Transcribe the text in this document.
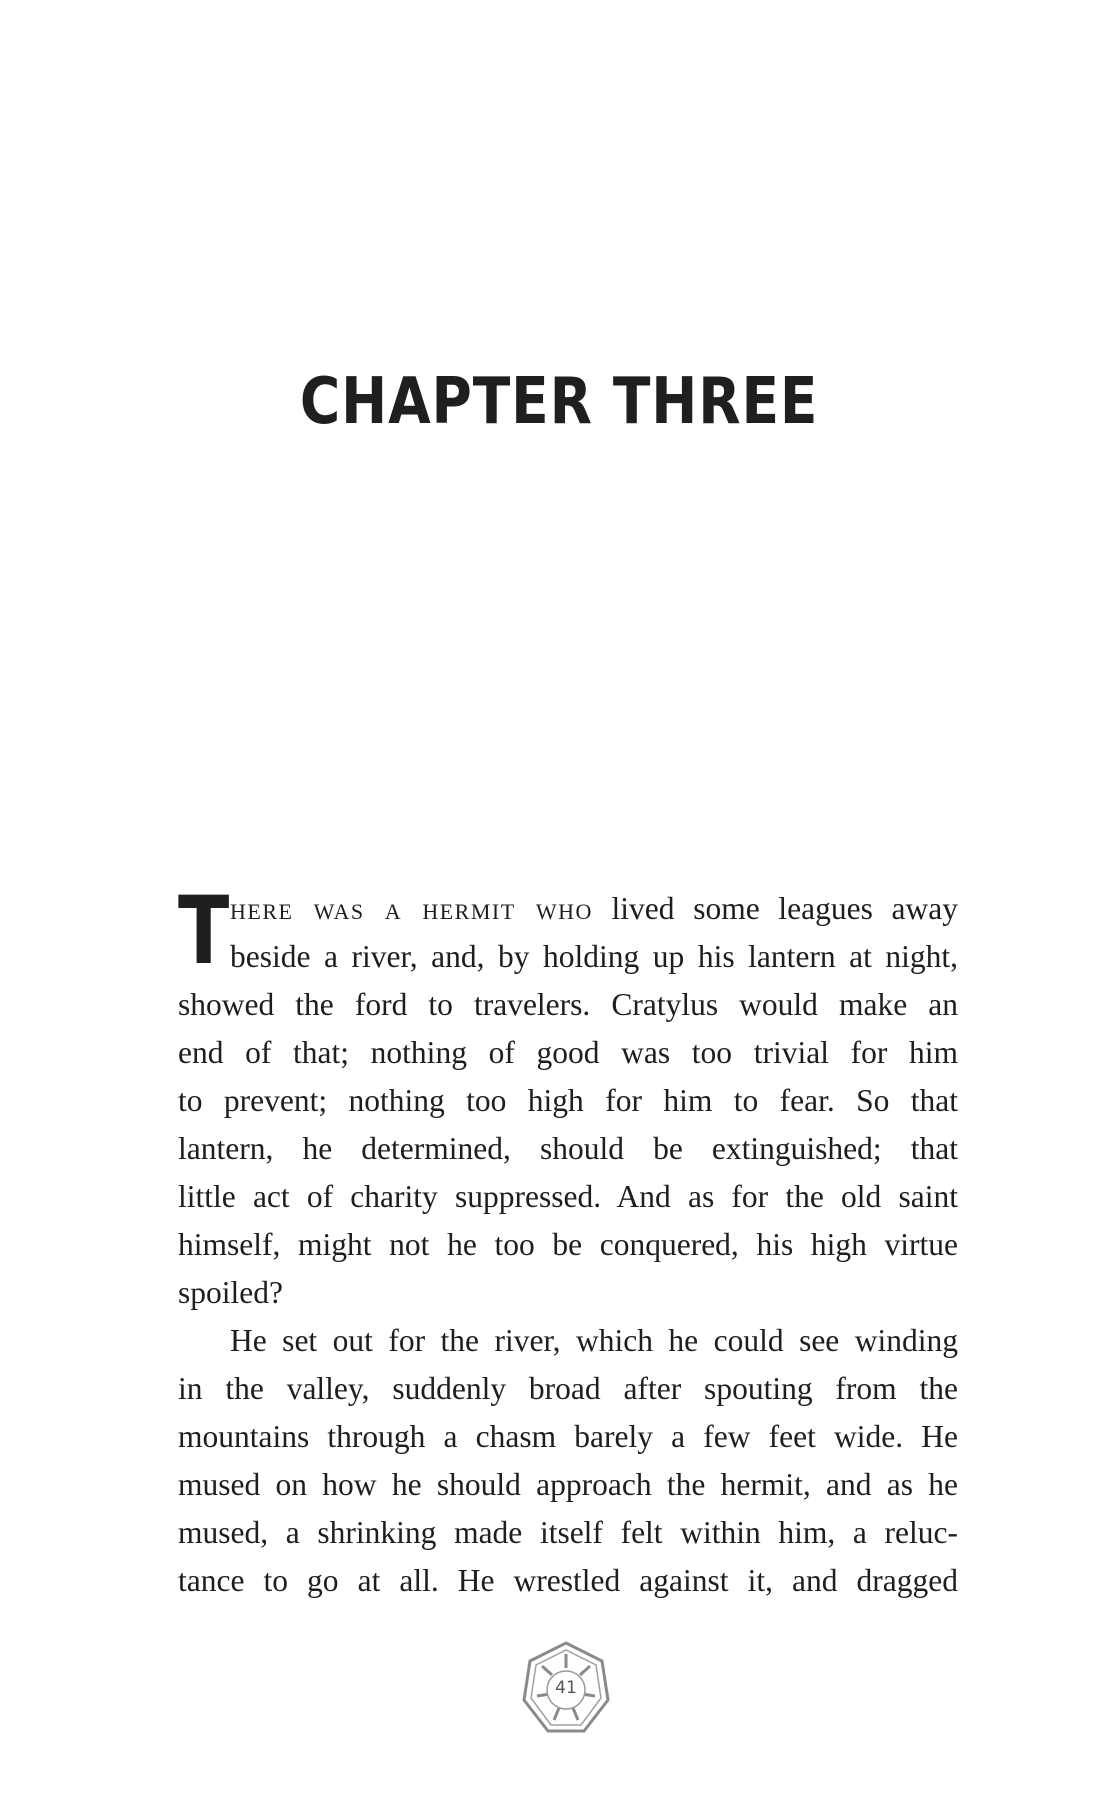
CHAPTER THREE
T here was a hermit who lived some leagues away
beside a river, and, by holding up his lantern at night,
showed the ford to travelers. Cratylus would make an
end of that; nothing of good was too trivial for him
to prevent; nothing too high for him to fear. So that
lantern, he determined, should be extinguished; that
little act of charity suppressed. And as for the old saint
himself, might not he too be conquered, his high virtue
spoiled?
He set out for the river, which he could see winding
in the valley, suddenly broad after spouting from the
mountains through a chasm barely a few feet wide. He
mused on how he should approach the hermit, and as he
mused, a shrinking made itself felt within him, a reluc-
tance to go at all. He wrestled against it, and dragged
41
